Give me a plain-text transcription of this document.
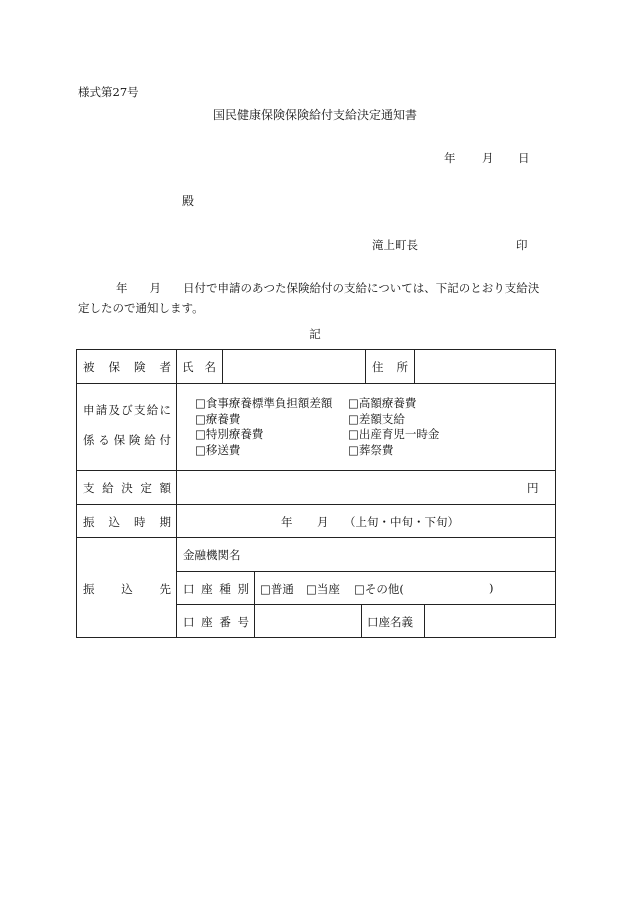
様式第27号
国民健康保険保険給付支給決定通知書
年 月 日
殿
滝上町長	印
年 月 日付で申請のあつた保険給付の支給については、下記のとおり支給決
定したので通知します。
記
被 保 険 者 氏 名	住 所
申 請 及 び 支 給 に
係 る 保 険 給 付
□食事療養標準負担額差額	□高額療養費
□療養費	□差額支給
□特別療養費	□出産育児一時金
□移送費	□葬祭費
支 給 決 定 額	円
振 込 時 期	年 月 （上旬・中旬・下旬）
振 込 先
金融機関名
口 座 種 別 □普通 □当座 □その他(	)
口 座 番 号	口座名義
